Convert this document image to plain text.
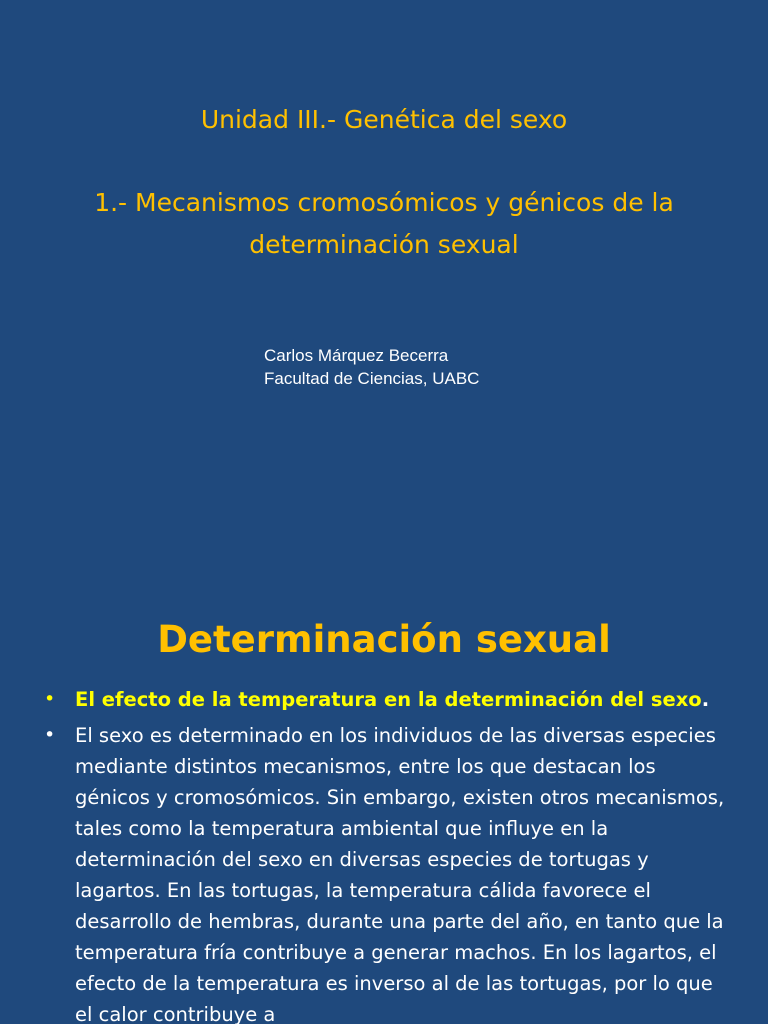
Unidad III.- Genética del sexo
1.- Mecanismos cromosómicos y génicos de la
determinación sexual
Carlos Márquez Becerra
Facultad de Ciencias, UABC
Determinación sexual
• El efecto de la temperatura en la determinación del sexo.
• El sexo es determinado en los individuos de las diversas especies mediante distintos mecanismos, entre los que destacan los génicos y cromosómicos. Sin embargo, existen otros mecanismos, tales como la temperatura ambiental que influye en la determinación del sexo en diversas especies de tortugas y lagartos. En las tortugas, la temperatura cálida favorece el desarrollo de hembras, durante una parte del año, en tanto que la temperatura fría contribuye a generar machos. En los lagartos, el efecto de la temperatura es inverso al de las tortugas, por lo que el calor contribuye a
